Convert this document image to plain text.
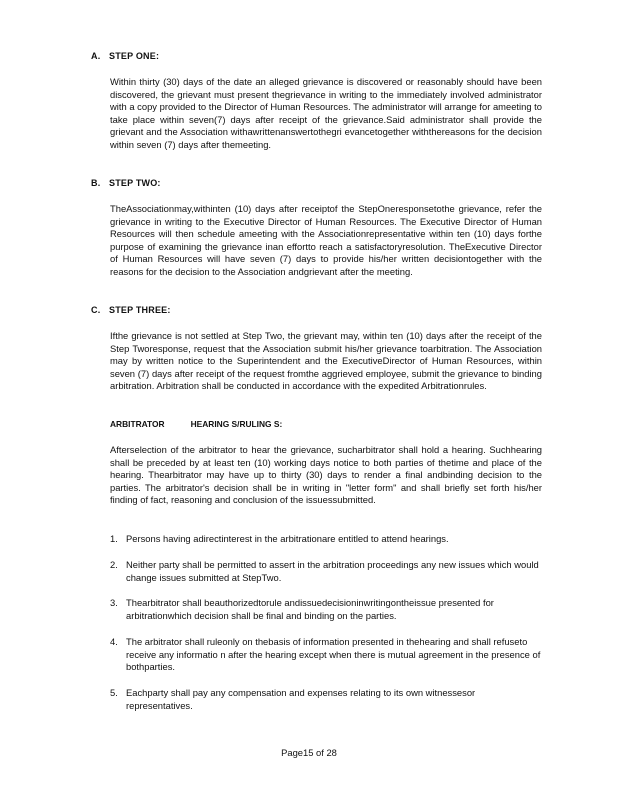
A. STEP ONE:

Within thirty (30) days of the date an alleged grievance is discovered or reasonably should have been discovered, the grievant must present thegrievance in writing to the immediately involved administrator with a copy provided to the Director of Human Resources. The administrator will arrange for ameeting to take place within seven(7) days after receipt of the grievance.Said administrator shall provide the grievant and the Association withawrittenanswertothegri evancetogether withthereasons for the decision within seven (7) days after themeeting.

B. STEP TWO:

TheAssociationmay,withinten (10) days after receiptof the StepOneresponsetothe grievance, refer the grievance in writing to the Executive Director of Human Resources. The Executive Director of Human Resources will then schedule ameeting with the Associationrepresentative within ten (10) days forthe purpose of examining the grievance inan effortto reach a satisfactoryresolution. TheExecutive Director of Human Resources will have seven (7) days to provide his/her written decisiontogether with the reasons for the decision to the Association andgrievant after the meeting.

C. STEP THREE:

Ifthe grievance is not settled at Step Two, the grievant may, within ten (10) days after the receipt of the Step Tworesponse, request that the Association submit his/her grievance toarbitration. The Association may by written notice to the Superintendent and the ExecutiveDirector of Human Resources, within seven (7) days after receipt of the request fromthe aggrieved employee, submit the grievance to binding arbitration. Arbitration shall be conducted in accordance with the expedited Arbitrationrules.

ARBITRATOR	HEARING S/RULING S:

Afterselection of the arbitrator to hear the grievance, sucharbitrator shall hold a hearing. Suchhearing shall be preceded by at least ten (10) working days notice to both parties of thetime and place of the hearing. Thearbitrator may have up to thirty (30) days to render a final andbinding decision to the parties. The arbitrator's decision shall be in writing in "letter form" and shall briefly set forth his/her finding of fact, reasoning and conclusion of the issuessubmitted.

1. Persons having adirectinterest in the arbitrationare entitled to attend hearings.
2. Neither party shall be permitted to assert in the arbitration proceedings any new issues which would change issues submitted at StepTwo.
3. Thearbitrator shall beauthorizedtorule andissuedecisioninwritingontheissue presented for arbitrationwhich decision shall be final and binding on the parties.
4. The arbitrator shall ruleonly on thebasis of information presented in thehearing and shall refuseto receive any informatio n after the hearing except when there is mutual agreement in the presence of bothparties.
5. Eachparty shall pay any compensation and expenses relating to its own witnessesor representatives.
Page15 of 28
